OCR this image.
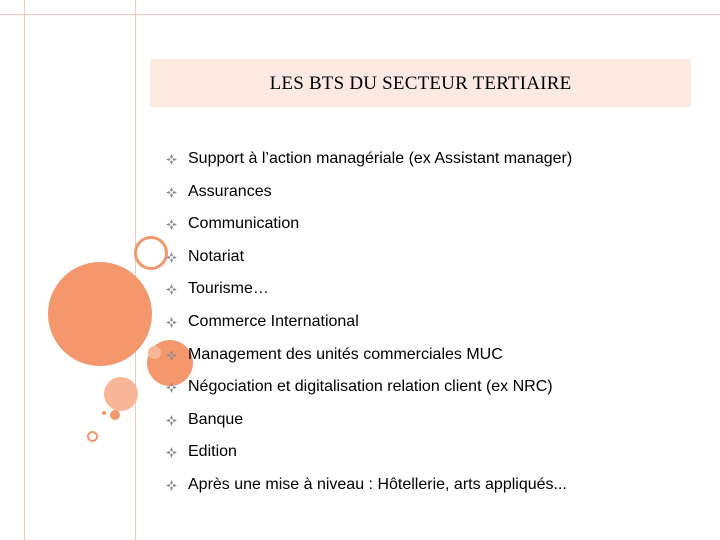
LES BTS DU SECTEUR TERTIAIRE
Support à l’action managériale (ex Assistant manager)
Assurances
Communication
Notariat
Tourisme…
Commerce International
Management des unités commerciales MUC
Négociation et digitalisation relation client (ex NRC)
Banque
Edition
Après une mise à niveau : Hôtellerie, arts appliqués...
